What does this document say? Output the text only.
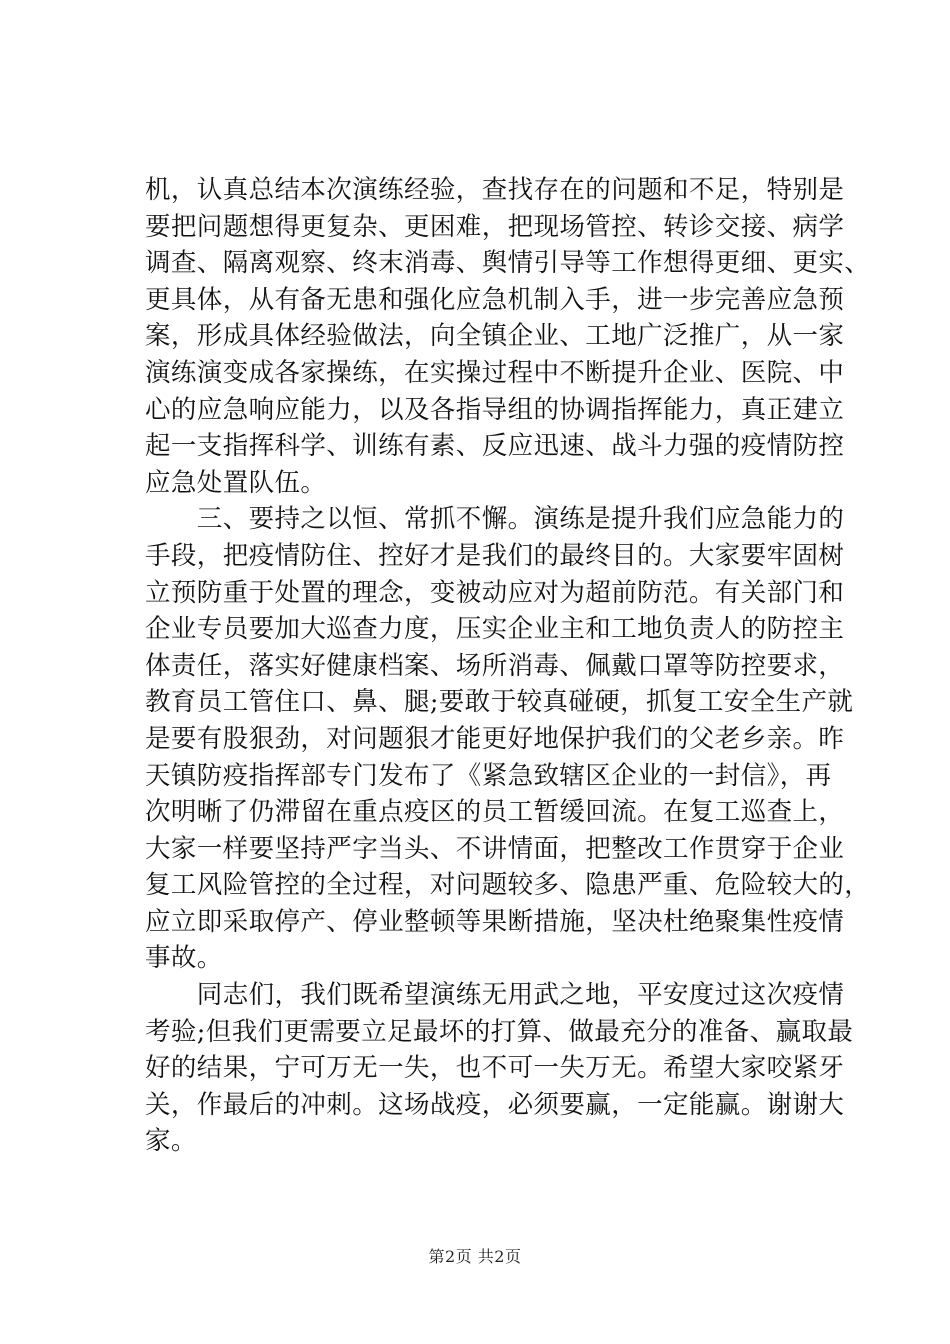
机，认真总结本次演练经验，查找存在的问题和不足，特别是
要把问题想得更复杂、更困难，把现场管控、转诊交接、病学
调查、隔离观察、终末消毒、舆情引导等工作想得更细、更实、
更具体，从有备无患和强化应急机制入手，进一步完善应急预
案，形成具体经验做法，向全镇企业、工地广泛推广，从一家
演练演变成各家操练，在实操过程中不断提升企业、医院、中
心的应急响应能力，以及各指导组的协调指挥能力，真正建立
起一支指挥科学、训练有素、反应迅速、战斗力强的疫情防控
应急处置队伍。
　　三、要持之以恒、常抓不懈。演练是提升我们应急能力的
手段，把疫情防住、控好才是我们的最终目的。大家要牢固树
立预防重于处置的理念，变被动应对为超前防范。有关部门和
企业专员要加大巡查力度，压实企业主和工地负责人的防控主
体责任，落实好健康档案、场所消毒、佩戴口罩等防控要求，
教育员工管住口、鼻、腿;要敢于较真碰硬，抓复工安全生产就
是要有股狠劲，对问题狠才能更好地保护我们的父老乡亲。昨
天镇防疫指挥部专门发布了《紧急致辖区企业的一封信》，再
次明晰了仍滞留在重点疫区的员工暂缓回流。在复工巡查上，
大家一样要坚持严字当头、不讲情面，把整改工作贯穿于企业
复工风险管控的全过程，对问题较多、隐患严重、危险较大的，
应立即采取停产、停业整顿等果断措施，坚决杜绝聚集性疫情
事故。
　　同志们，我们既希望演练无用武之地，平安度过这次疫情
考验;但我们更需要立足最坏的打算、做最充分的准备、赢取最
好的结果，宁可万无一失，也不可一失万无。希望大家咬紧牙
关，作最后的冲刺。这场战疫，必须要赢，一定能赢。谢谢大
家。
第2页 共2页
